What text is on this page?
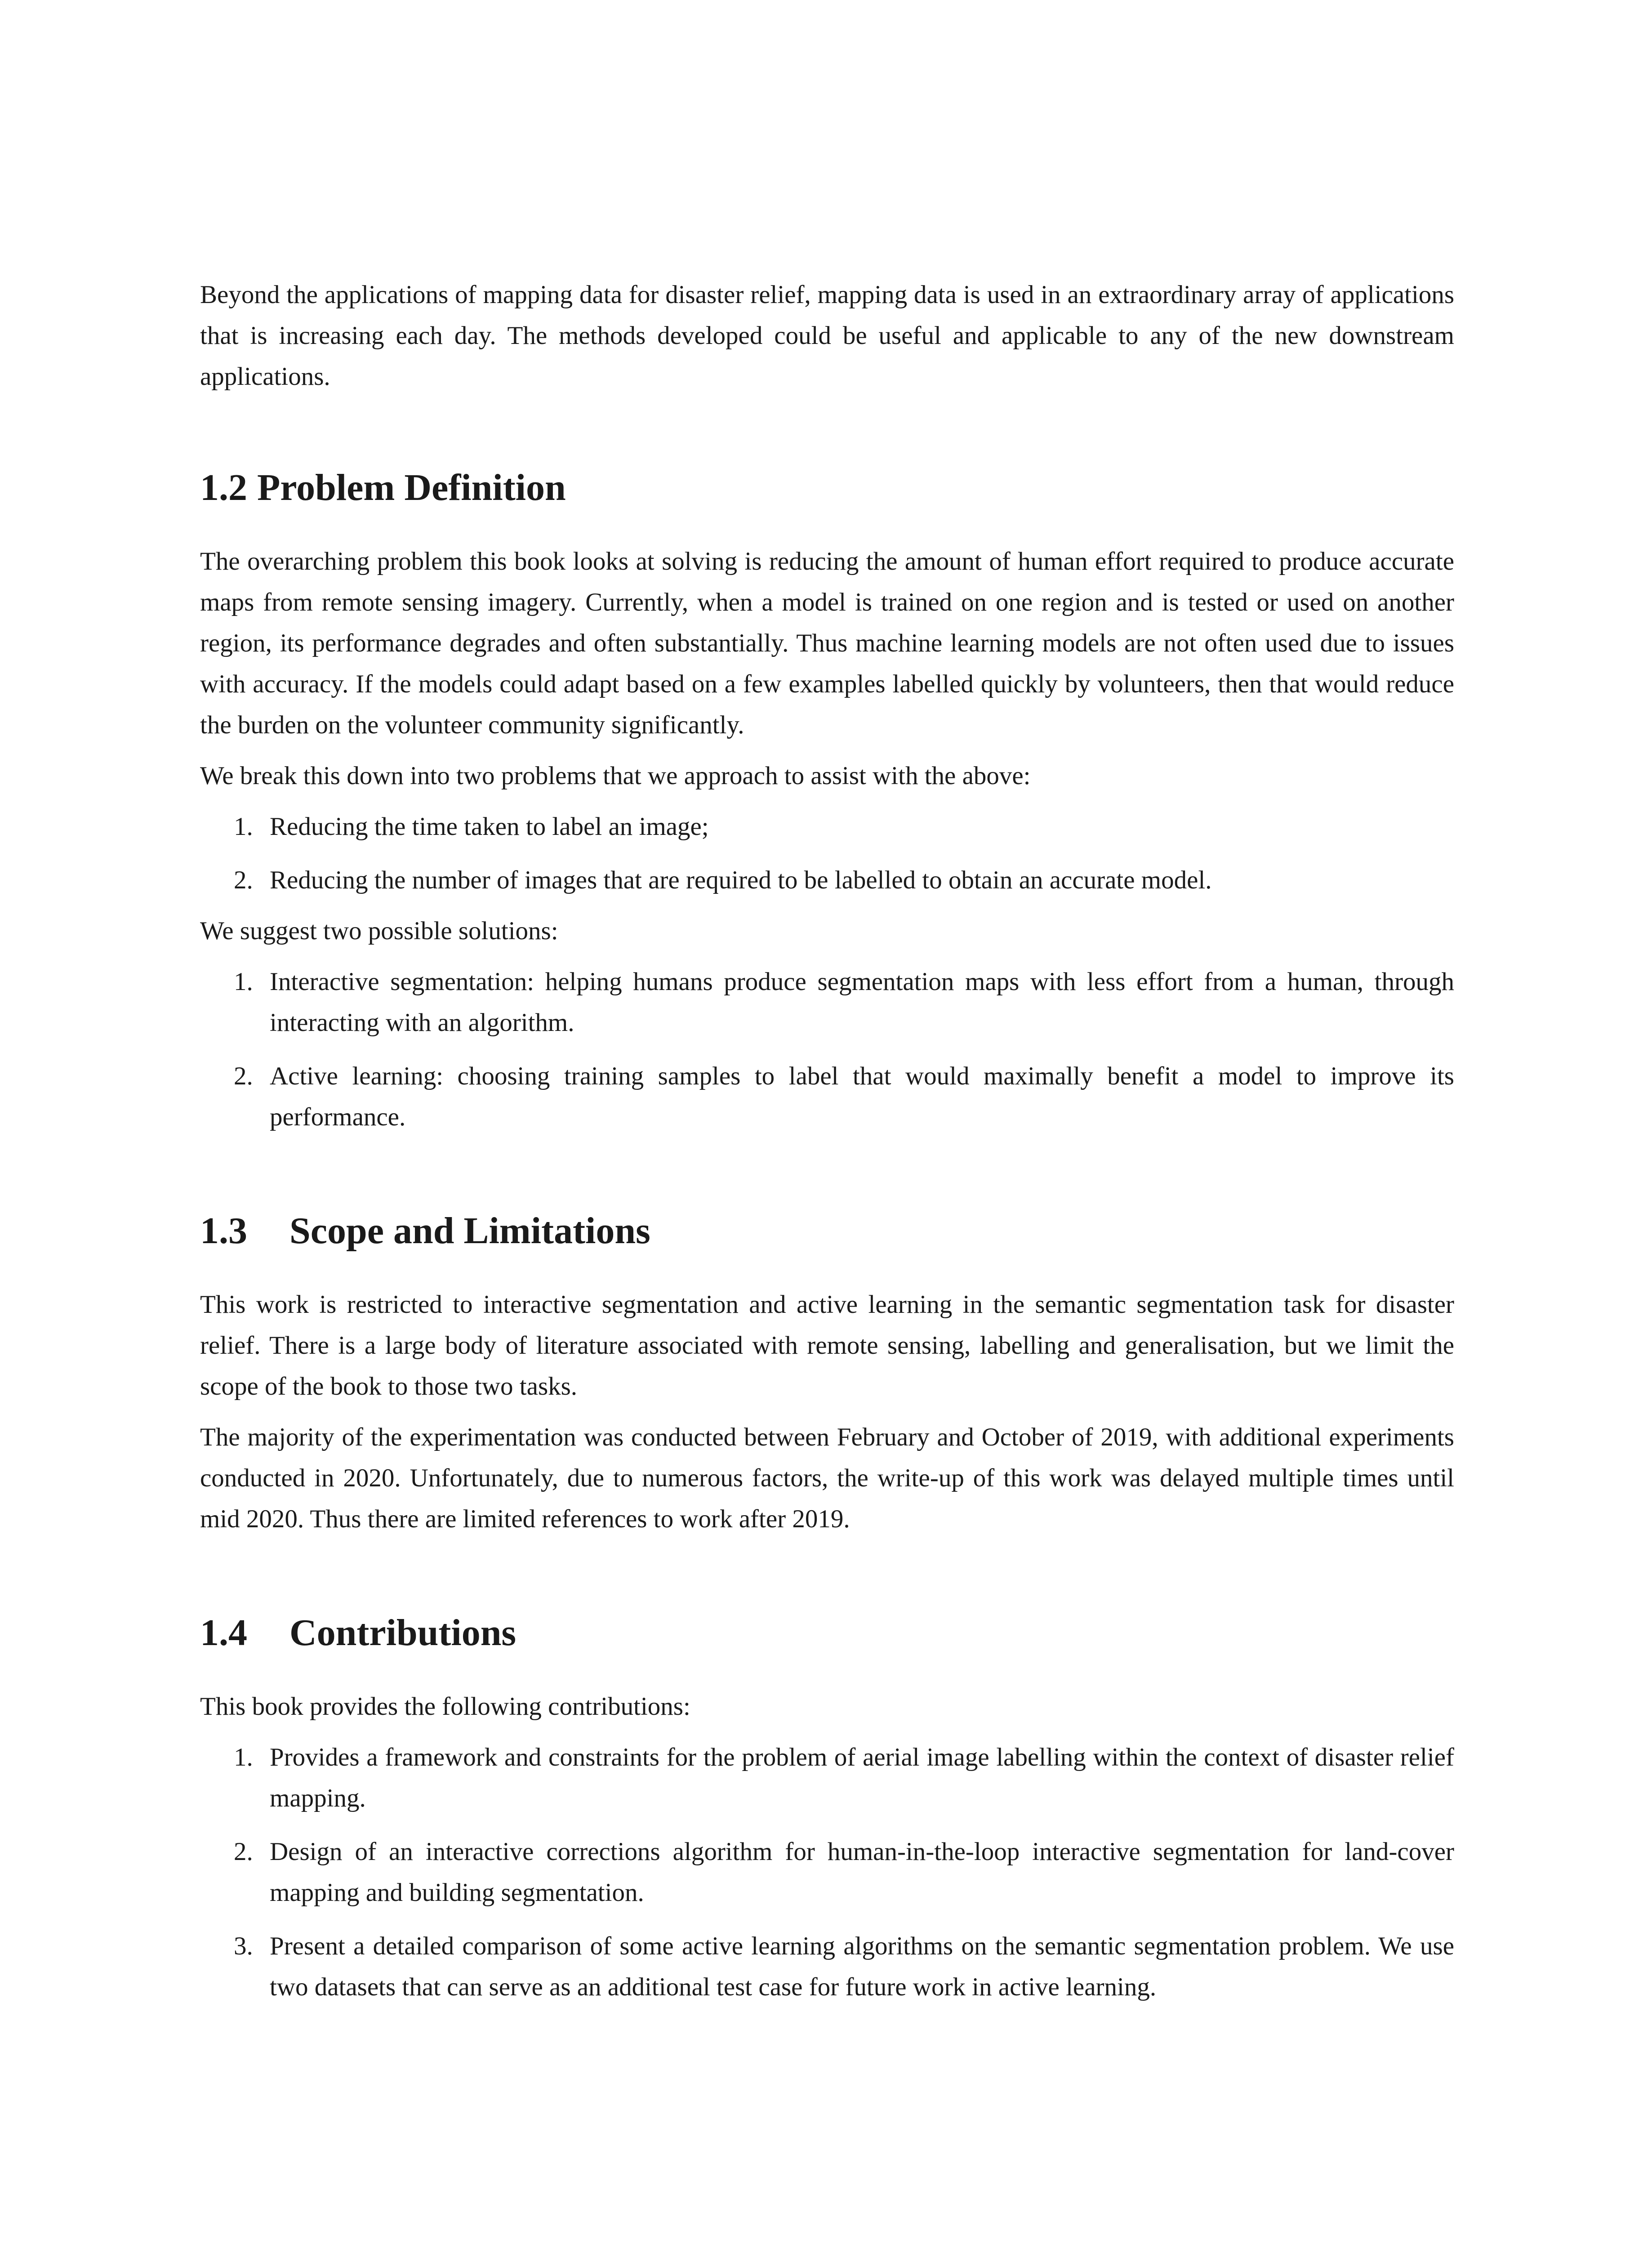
Beyond the applications of mapping data for disaster relief, mapping data is used in an extraordinary array of applications that is increasing each day. The methods developed could be useful and applicable to any of the new downstream applications.

1.2 Problem Definition

The overarching problem this book looks at solving is reducing the amount of human effort required to produce accurate maps from remote sensing imagery. Currently, when a model is trained on one region and is tested or used on another region, its performance degrades and often substantially. Thus machine learning models are not often used due to issues with accuracy. If the models could adapt based on a few examples labelled quickly by volunteers, then that would reduce the burden on the volunteer community significantly.

We break this down into two problems that we approach to assist with the above:

1. Reducing the time taken to label an image;
2. Reducing the number of images that are required to be labelled to obtain an accurate model.

We suggest two possible solutions:

1. Interactive segmentation: helping humans produce segmentation maps with less effort from a human, through interacting with an algorithm.
2. Active learning: choosing training samples to label that would maximally benefit a model to improve its performance.
1.3 Scope and Limitations

This work is restricted to interactive segmentation and active learning in the semantic segmentation task for disaster relief. There is a large body of literature associated with remote sensing, labelling and generalisation, but we limit the scope of the book to those two tasks.

The majority of the experimentation was conducted between February and October of 2019, with additional experiments conducted in 2020. Unfortunately, due to numerous factors, the write-up of this work was delayed multiple times until mid 2020. Thus there are limited references to work after 2019.

1.4 Contributions

This book provides the following contributions:

1. Provides a framework and constraints for the problem of aerial image labelling within the context of disaster relief mapping.
2. Design of an interactive corrections algorithm for human-in-the-loop interactive segmentation for land-cover mapping and building segmentation.
3. Present a detailed comparison of some active learning algorithms on the semantic segmentation problem. We use two datasets that can serve as an additional test case for future work in active learning.
